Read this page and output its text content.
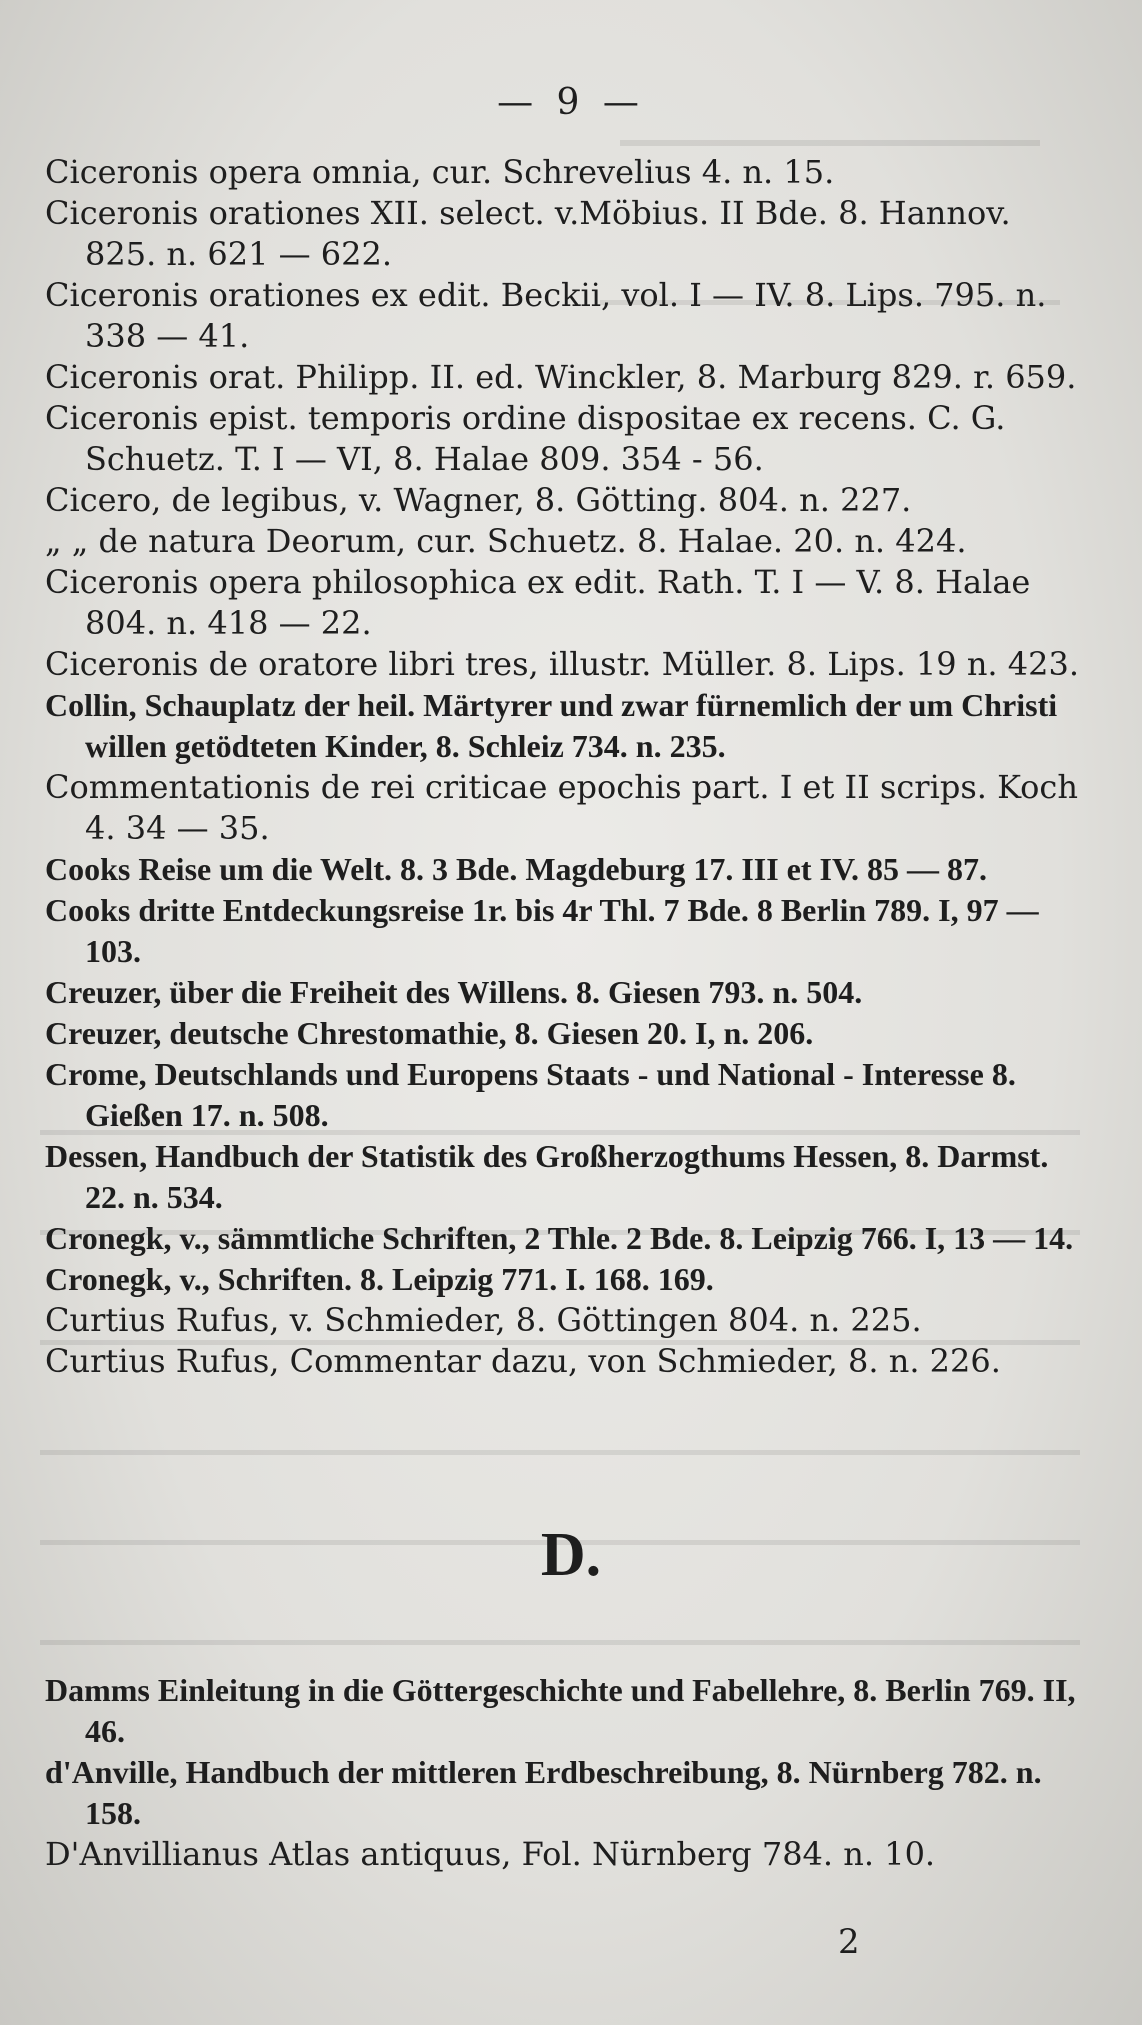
— 9 —

Ciceronis opera omnia, cur. Schrevelius 4. n. 15.

Ciceronis orationes XII. select. v.Möbius. II Bde. 8. Hannov. 825. n. 621 — 622.

Ciceronis orationes ex edit. Beckii, vol. I — IV. 8. Lips. 795. n. 338 — 41.

Ciceronis orat. Philipp. II. ed. Winckler, 8. Marburg 829. r. 659.

Ciceronis epist. temporis ordine dispositae ex recens. C. G. Schuetz. T. I — VI, 8. Halae 809. 354 - 56.

Cicero, de legibus, v. Wagner, 8. Götting. 804. n. 227.

„ „ de natura Deorum, cur. Schuetz. 8. Halae. 20. n. 424.

Ciceronis opera philosophica ex edit. Rath. T. I — V. 8. Halae 804. n. 418 — 22.

Ciceronis de oratore libri tres, illustr. Müller. 8. Lips. 19 n. 423.

Collin, Schauplatz der heil. Märtyrer und zwar fürnemlich der um Christi willen getödteten Kinder, 8. Schleiz 734. n. 235.

Commentationis de rei criticae epochis part. I et II scrips. Koch 4. 34 — 35.

Cooks Reise um die Welt. 8. 3 Bde. Magdeburg 17. III et IV. 85 — 87.

Cooks dritte Entdeckungsreise 1r. bis 4r Thl. 7 Bde. 8 Berlin 789. I, 97 — 103.

Creuzer, über die Freiheit des Willens. 8. Giesen 793. n. 504.

Creuzer, deutsche Chrestomathie, 8. Giesen 20. I, n. 206.

Crome, Deutschlands und Europens Staats - und National - Interesse 8. Gießen 17. n. 508.

Dessen, Handbuch der Statistik des Großherzogthums Hessen, 8. Darmst. 22. n. 534.

Cronegk, v., sämmtliche Schriften, 2 Thle. 2 Bde. 8. Leipzig 766. I, 13 — 14.

Cronegk, v., Schriften. 8. Leipzig 771. I. 168. 169.

Curtius Rufus, v. Schmieder, 8. Göttingen 804. n. 225.

Curtius Rufus, Commentar dazu, von Schmieder, 8. n. 226.

D.

Damms Einleitung in die Göttergeschichte und Fabellehre, 8. Berlin 769. II, 46.

d'Anville, Handbuch der mittleren Erdbeschreibung, 8. Nürnberg 782. n. 158.

D'Anvillianus Atlas antiquus, Fol. Nürnberg 784. n. 10.

2
